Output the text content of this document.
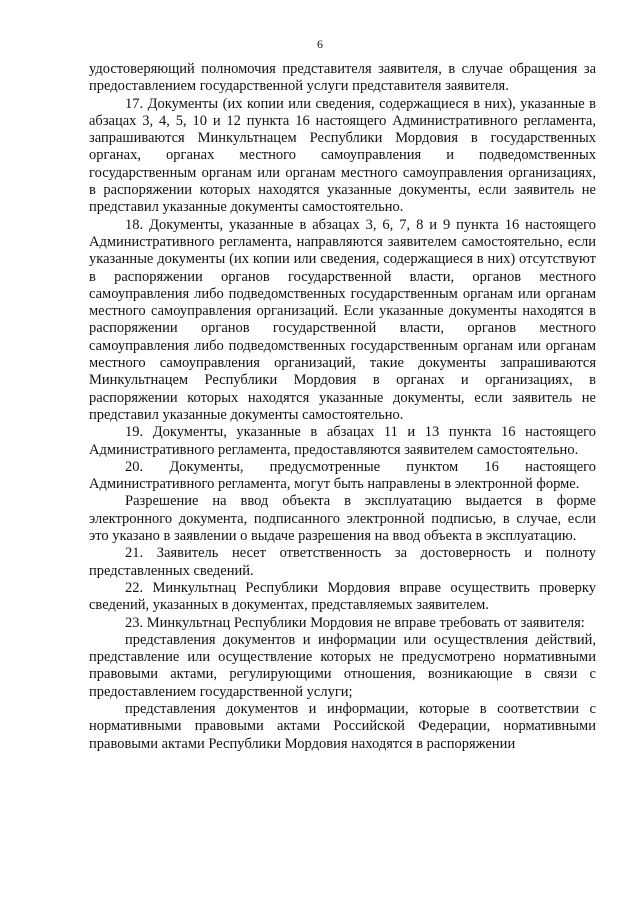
6

удостоверяющий полномочия представителя заявителя, в случае обращения за предоставлением государственной услуги представителя заявителя.

17. Документы (их копии или сведения, содержащиеся в них), указанные в абзацах 3, 4, 5, 10 и 12 пункта 16 настоящего Административного регламента, запрашиваются Минкультнацем Республики Мордовия в государственных органах, органах местного самоуправления и подведомственных государственным органам или органам местного самоуправления организациях, в распоряжении которых находятся указанные документы, если заявитель не представил указанные документы самостоятельно.

18. Документы, указанные в абзацах 3, 6, 7, 8 и 9 пункта 16 настоящего Административного регламента, направляются заявителем самостоятельно, если указанные документы (их копии или сведения, содержащиеся в них) отсутствуют в распоряжении органов государственной власти, органов местного самоуправления либо подведомственных государственным органам или органам местного самоуправления организаций. Если указанные документы находятся в распоряжении органов государственной власти, органов местного самоуправления либо подведомственных государственным органам или органам местного самоуправления организаций, такие документы запрашиваются Минкультнацем Республики Мордовия в органах и организациях, в распоряжении которых находятся указанные документы, если заявитель не представил указанные документы самостоятельно.

19. Документы, указанные в абзацах 11 и 13 пункта 16 настоящего Административного регламента, предоставляются заявителем самостоятельно.

20. Документы, предусмотренные пунктом 16 настоящего Административного регламента, могут быть направлены в электронной форме.

Разрешение на ввод объекта в эксплуатацию выдается в форме электронного документа, подписанного электронной подписью, в случае, если это указано в заявлении о выдаче разрешения на ввод объекта в эксплуатацию.

21. Заявитель несет ответственность за достоверность и полноту представленных сведений.

22. Минкультнац Республики Мордовия вправе осуществить проверку сведений, указанных в документах, представляемых заявителем.

23. Минкультнац Республики Мордовия не вправе требовать от заявителя:

представления документов и информации или осуществления действий, представление или осуществление которых не предусмотрено нормативными правовыми актами, регулирующими отношения, возникающие в связи с предоставлением государственной услуги;

представления документов и информации, которые в соответствии с нормативными правовыми актами Российской Федерации, нормативными правовыми актами Республики Мордовия находятся в распоряжении
